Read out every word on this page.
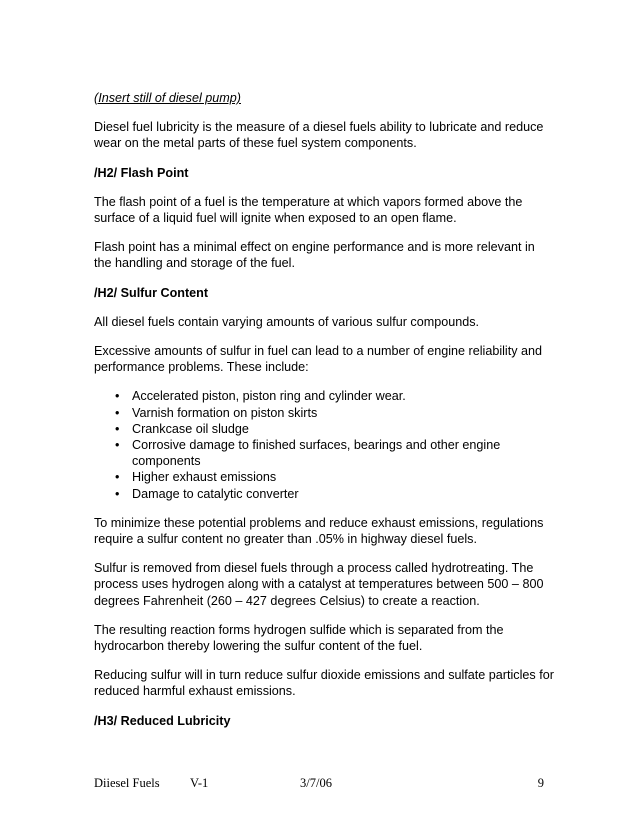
(Insert still of diesel pump)

Diesel fuel lubricity is the measure of a diesel fuels ability to lubricate and reduce wear on the metal parts of these fuel system components.

/H2/ Flash Point

The flash point of a fuel is the temperature at which vapors formed above the surface of a liquid fuel will ignite when exposed to an open flame.

Flash point has a minimal effect on engine performance and is more relevant in the handling and storage of the fuel.

/H2/ Sulfur Content

All diesel fuels contain varying amounts of various sulfur compounds.

Excessive amounts of sulfur in fuel can lead to a number of engine reliability and performance problems. These include:

• Accelerated piston, piston ring and cylinder wear.
• Varnish formation on piston skirts
• Crankcase oil sludge
• Corrosive damage to finished surfaces, bearings and other engine components
• Higher exhaust emissions
• Damage to catalytic converter

To minimize these potential problems and reduce exhaust emissions, regulations require a sulfur content no greater than .05% in highway diesel fuels.

Sulfur is removed from diesel fuels through a process called hydrotreating. The process uses hydrogen along with a catalyst at temperatures between 500 – 800 degrees Fahrenheit (260 – 427 degrees Celsius) to create a reaction.

The resulting reaction forms hydrogen sulfide which is separated from the hydrocarbon thereby lowering the sulfur content of the fuel.

Reducing sulfur will in turn reduce sulfur dioxide emissions and sulfate particles for reduced harmful exhaust emissions.

/H3/ Reduced Lubricity

Diiesel Fuels V-1	3/7/06	9
